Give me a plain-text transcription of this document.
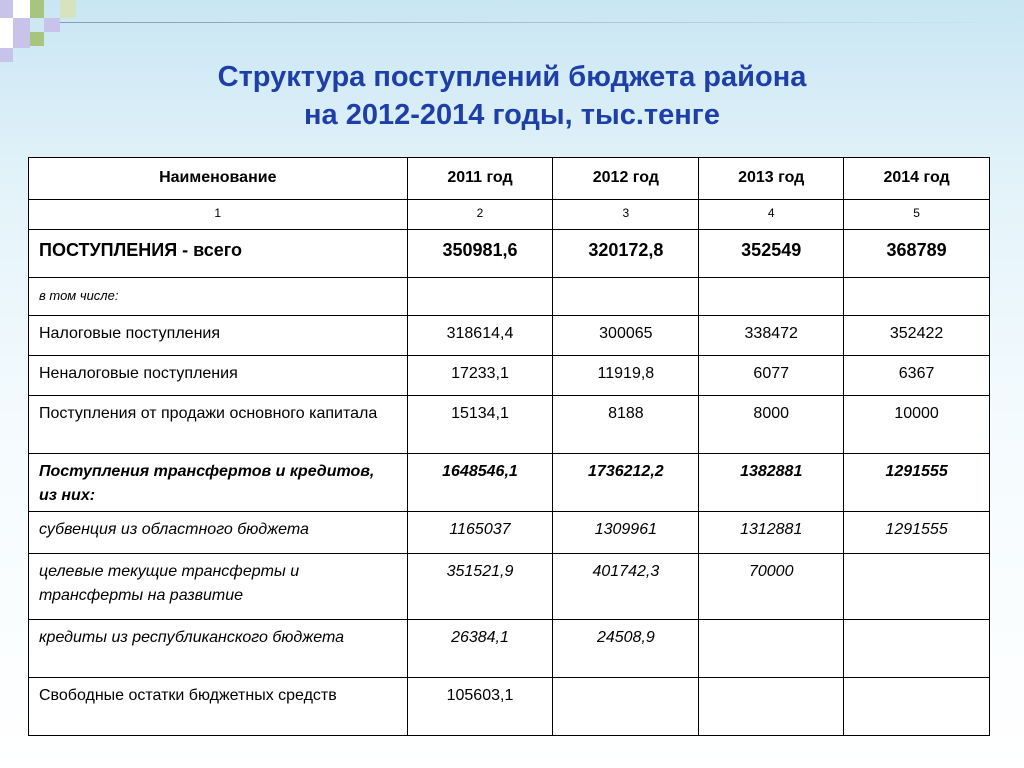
Структура поступлений бюджета района
на 2012-2014 годы, тыс.тенге
Наименование	2011 год	2012 год	2013 год	2014 год
1	2	3	4	5
ПОСТУПЛЕНИЯ - всего	350981,6	320172,8	352549	368789
в том числе:				
Налоговые поступления	318614,4	300065	338472	352422
Неналоговые поступления	17233,1	11919,8	6077	6367
Поступления от продажи основного капитала	15134,1	8188	8000	10000
Поступления трансфертов и кредитов, из них:	1648546,1	1736212,2	1382881	1291555
субвенция из областного бюджета	1165037	1309961	1312881	1291555
целевые текущие трансферты и трансферты на развитие	351521,9	401742,3	70000	
кредиты из республиканского бюджета	26384,1	24508,9		
Свободные остатки бюджетных средств	105603,1			
